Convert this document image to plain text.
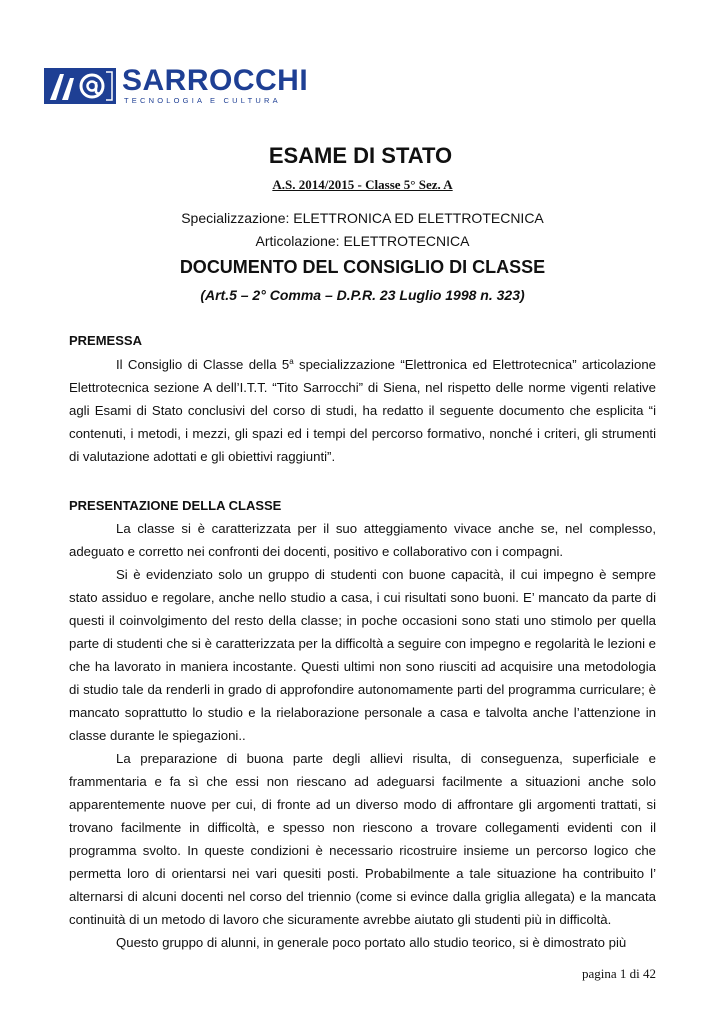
SARROCCHI
TECNOLOGIA E CULTURA
ESAME DI STATO
A.S. 2014/2015 - Classe 5° Sez. A
Specializzazione: ELETTRONICA ED ELETTROTECNICA
Articolazione: ELETTROTECNICA
DOCUMENTO DEL CONSIGLIO DI CLASSE
(Art.5 – 2° Comma – D.P.R. 23 Luglio 1998 n. 323)
PREMESSA

Il Consiglio di Classe della 5$^a$ specializzazione “Elettronica ed Elettrotecnica” articolazione Elettrotecnica sezione A dell’I.T.T. “Tito Sarrocchi” di Siena, nel rispetto delle norme vigenti relative agli Esami di Stato conclusivi del corso di studi, ha redatto il seguente documento che esplicita “i contenuti, i metodi, i mezzi, gli spazi ed i tempi del percorso formativo, nonché i criteri, gli strumenti di valutazione adottati e gli obiettivi raggiunti”.

PRESENTAZIONE DELLA CLASSE

La classe si è caratterizzata per il suo atteggiamento vivace anche se, nel complesso, adeguato e corretto nei confronti dei docenti, positivo e collaborativo con i compagni.

Si è evidenziato solo un gruppo di studenti con buone capacità, il cui impegno è sempre stato assiduo e regolare, anche nello studio a casa, i cui risultati sono buoni. E’ mancato da parte di questi il coinvolgimento del resto della classe; in poche occasioni sono stati uno stimolo per quella parte di studenti che si è caratterizzata per la difficoltà a seguire con impegno e regolarità le lezioni e che ha lavorato in maniera incostante. Questi ultimi non sono riusciti ad acquisire una metodologia di studio tale da renderli in grado di approfondire autonomamente parti del programma curriculare; è mancato soprattutto lo studio e la rielaborazione personale a casa e talvolta anche l’attenzione in classe durante le spiegazioni..

La preparazione di buona parte degli allievi risulta, di conseguenza, superficiale e frammentaria e fa sì che essi non riescano ad adeguarsi facilmente a situazioni anche solo apparentemente nuove per cui, di fronte ad un diverso modo di affrontare gli argomenti trattati, si trovano facilmente in difficoltà, e spesso non riescono a trovare collegamenti evidenti con il programma svolto. In queste condizioni è necessario ricostruire insieme un percorso logico che permetta loro di orientarsi nei vari quesiti posti. Probabilmente a tale situazione ha contribuito l’ alternarsi di alcuni docenti nel corso del triennio (come si evince dalla griglia allegata) e la mancata continuità di un metodo di lavoro che sicuramente avrebbe aiutato gli studenti più in difficoltà.

Questo gruppo di alunni, in generale poco portato allo studio teorico, si è dimostrato più

pagina 1 di 42
